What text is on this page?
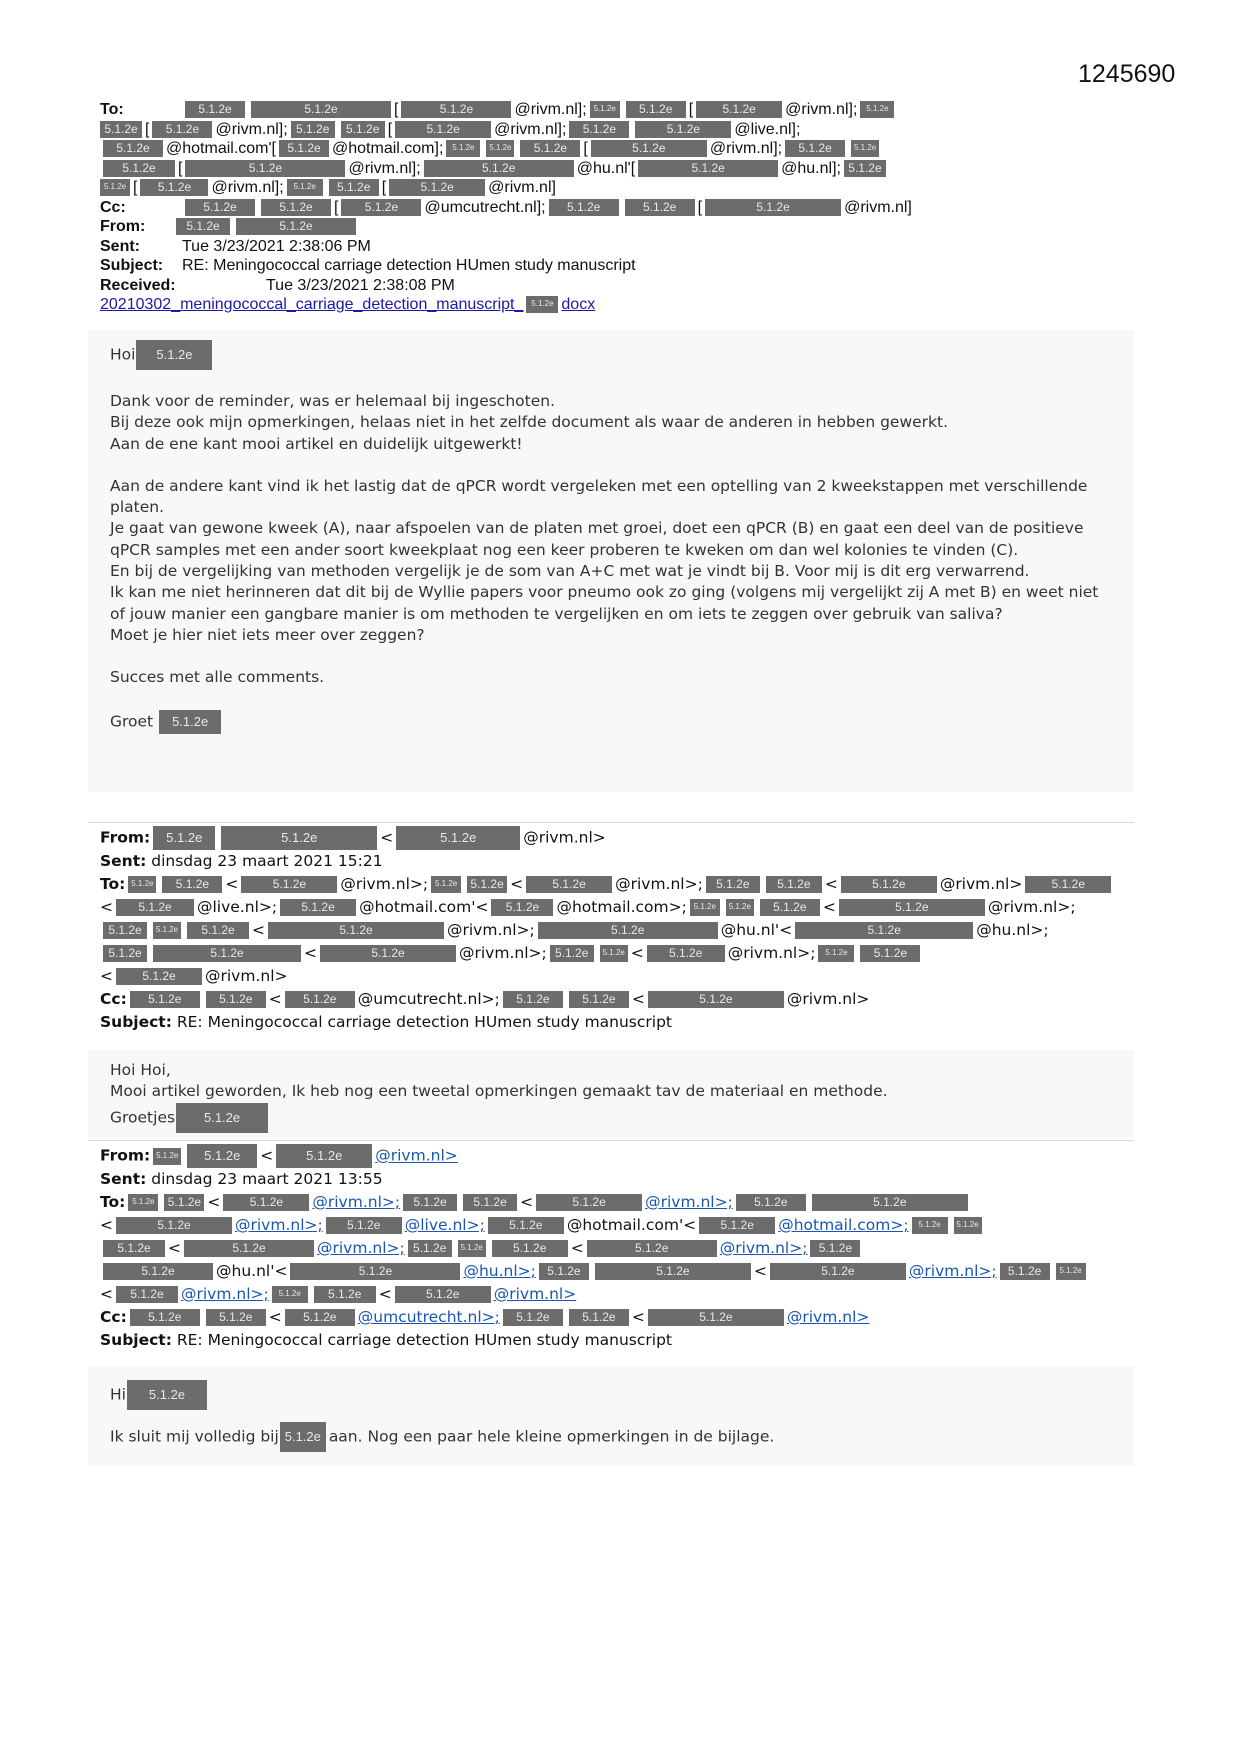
1245690
To:	5.1.2e	5.1.2e	[	5.1.2e	@rivm.nl]; 5.1.2e 5.1.2e [ 5.1.2e @rivm.nl]; 5.1.2e
5.1.2e [ 5.1.2e @rivm.nl]; 5.1.2e 5.1.2e [	5.1.2e @rivm.nl]; 5.1.2e	5.1.2e @live.nl];
5.1.2e @hotmail.com'[ 5.1.2e @hotmail.com]; 5.1.2e 5.1.2e 5.1.2e [	5.1.2e	@rivm.nl]; 5.1.2e	5.1.2e
5.1.2e [	5.1.2e	@rivm.nl];	5.1.2e	@hu.nl'[	5.1.2e	@hu.nl]; 5.1.2e
5.1.2e [ 5.1.2e @rivm.nl]; 5.1.2e 5.1.2e [	5.1.2e @rivm.nl]
Cc:	5.1.2e	5.1.2e [ 5.1.2e @umcutrecht.nl]; 5.1.2e	5.1.2e [	5.1.2e	@rivm.nl]
From:	5.1.2e	5.1.2e
Sent:	Tue 3/23/2021 2:38:06 PM
Subject: RE: Meningococcal carriage detection HUmen study manuscript
Received:	Tue 3/23/2021 2:38:08 PM
20210302_meningococcal_carriage_detection_manuscript_ 5.1.2e docx

Hoi 5.1.2e

Dank voor de reminder, was er helemaal bij ingeschoten.
Bij deze ook mijn opmerkingen, helaas niet in het zelfde document als waar de anderen in hebben gewerkt.
Aan de ene kant mooi artikel en duidelijk uitgewerkt!

Aan de andere kant vind ik het lastig dat de qPCR wordt vergeleken met een optelling van 2 kweekstappen met verschillende platen.
Je gaat van gewone kweek (A), naar afspoelen van de platen met groei, doet een qPCR (B) en gaat een deel van de positieve qPCR samples met een ander soort kweekplaat nog een keer proberen te kweken om dan wel kolonies te vinden (C).
En bij de vergelijking van methoden vergelijk je de som van A+C met wat je vindt bij B. Voor mij is dit erg verwarrend.
Ik kan me niet herinneren dat dit bij de Wyllie papers voor pneumo ook zo ging (volgens mij vergelijkt zij A met B) en weet niet of jouw manier een gangbare manier is om methoden te vergelijken en om iets te zeggen over gebruik van saliva?
Moet je hier niet iets meer over zeggen?

Succes met alle comments.

Groet 5.1.2e

From: 5.1.2e	5.1.2e	<	5.1.2e	@rivm.nl>
Sent: dinsdag 23 maart 2021 15:21
To: 5.1.2e 5.1.2e <	5.1.2e @rivm.nl>; 5.1.2e 5.1.2e < 5.1.2e @rivm.nl>; 5.1.2e 5.1.2e <	5.1.2e @rivm.nl> 5.1.2e
< 5.1.2e @live.nl>; 5.1.2e @hotmail.com'< 5.1.2e @hotmail.com>; 5.1.2e 5.1.2e 5.1.2e <	5.1.2e	@rivm.nl>;
5.1.2e 5.1.2e 5.1.2e <	5.1.2e	@rivm.nl>;	5.1.2e	@hu.nl'<	5.1.2e	@hu.nl>;
5.1.2e	5.1.2e	<	5.1.2e	@rivm.nl>; 5.1.2e 5.1.2e < 5.1.2e @rivm.nl>; 5.1.2e 5.1.2e
< 5.1.2e @rivm.nl>
Cc: 5.1.2e	5.1.2e < 5.1.2e @umcutrecht.nl>; 5.1.2e	5.1.2e <	5.1.2e	@rivm.nl>
Subject: RE: Meningococcal carriage detection HUmen study manuscript

Hoi Hoi,

Mooi artikel geworden, Ik heb nog een tweetal opmerkingen gemaakt tav de materiaal en methode.

Groetjes 5.1.2e

From: 5.1.2e 5.1.2e <	5.1.2e @rivm.nl>
Sent: dinsdag 23 maart 2021 13:55
To: 5.1.2e 5.1.2e < 5.1.2e @rivm.nl>; 5.1.2e 5.1.2e <	5.1.2e	@rivm.nl>; 5.1.2e	5.1.2e
<	5.1.2e	@rivm.nl>; 5.1.2e @live.nl>; 5.1.2e @hotmail.com'< 5.1.2e @hotmail.com>; 5.1.2e 5.1.2e
5.1.2e <	5.1.2e	@rivm.nl>; 5.1.2e 5.1.2e	5.1.2e <	5.1.2e	@rivm.nl>; 5.1.2e
5.1.2e	@hu.nl'<	5.1.2e	@hu.nl>; 5.1.2e	5.1.2e	<	5.1.2e	@rivm.nl>; 5.1.2e 5.1.2e
< 5.1.2e @rivm.nl>; 5.1.2e 5.1.2e <	5.1.2e @rivm.nl>
Cc: 5.1.2e	5.1.2e < 5.1.2e @umcutrecht.nl>; 5.1.2e	5.1.2e <	5.1.2e	@rivm.nl>
Subject: RE: Meningococcal carriage detection HUmen study manuscript

Hi 5.1.2e

Ik sluit mij volledig bij 5.1.2e aan. Nog een paar hele kleine opmerkingen in de bijlage.
